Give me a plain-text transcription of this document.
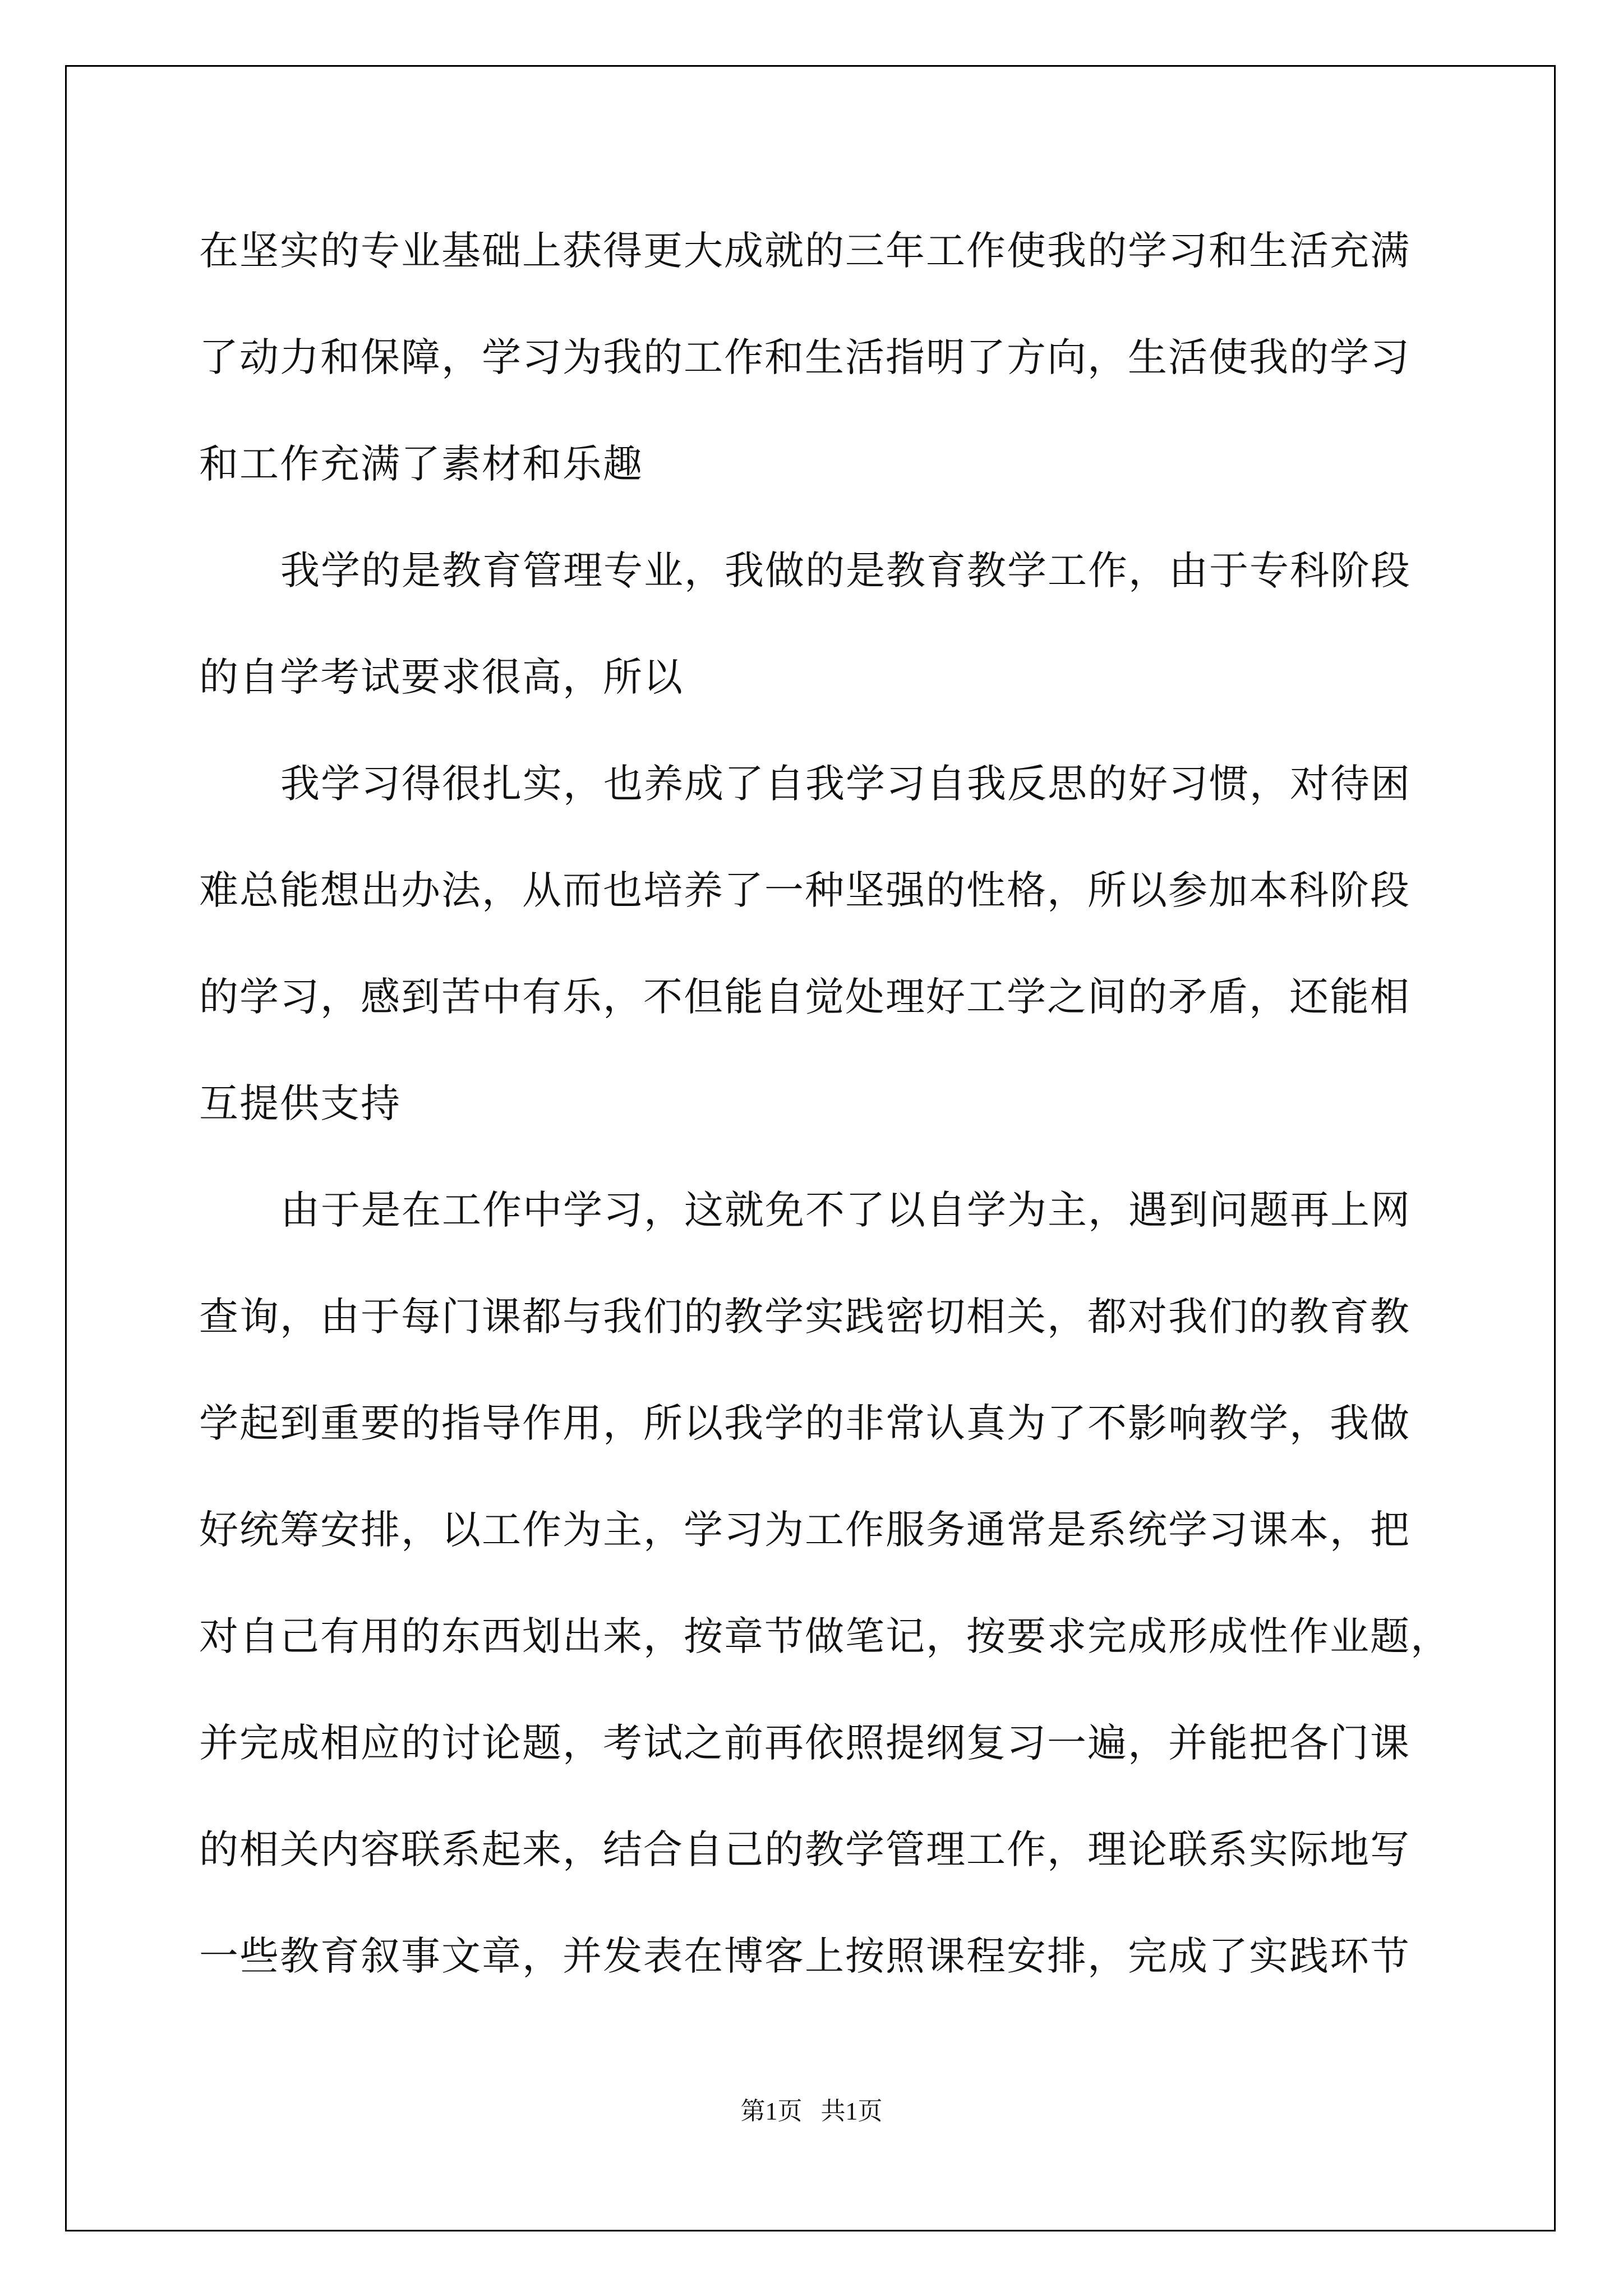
在坚实的专业基础上获得更大成就的三年工作使我的学习和生活充满

了动力和保障，学习为我的工作和生活指明了方向，生活使我的学习

和工作充满了素材和乐趣

我学的是教育管理专业，我做的是教育教学工作，由于专科阶段

的自学考试要求很高，所以

我学习得很扎实，也养成了自我学习自我反思的好习惯，对待困

难总能想出办法，从而也培养了一种坚强的性格，所以参加本科阶段

的学习，感到苦中有乐，不但能自觉处理好工学之间的矛盾，还能相

互提供支持

由于是在工作中学习，这就免不了以自学为主，遇到问题再上网

查询，由于每门课都与我们的教学实践密切相关，都对我们的教育教

学起到重要的指导作用，所以我学的非常认真为了不影响教学，我做

好统筹安排，以工作为主，学习为工作服务通常是系统学习课本，把

对自己有用的东西划出来，按章节做笔记，按要求完成形成性作业题，

并完成相应的讨论题，考试之前再依照提纲复习一遍，并能把各门课

的相关内容联系起来，结合自己的教学管理工作，理论联系实际地写

一些教育叙事文章，并发表在博客上按照课程安排，完成了实践环节

第1页   共1页
